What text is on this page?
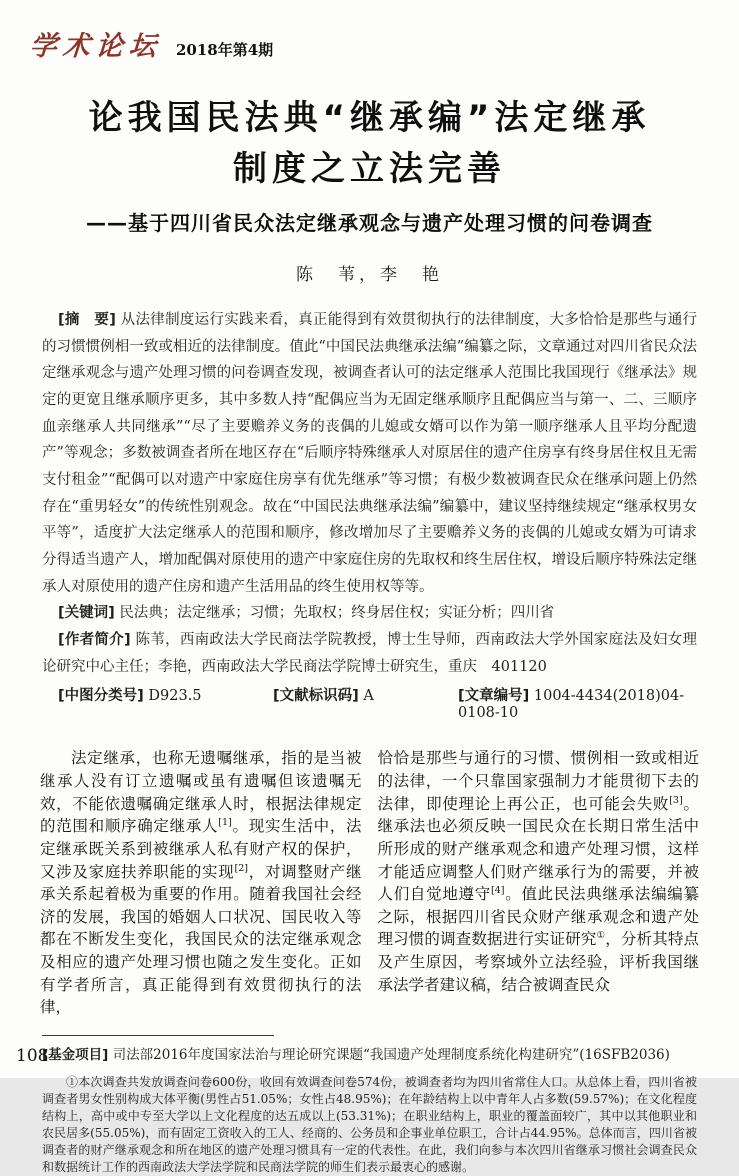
学术论坛 2018年第4期
论我国民法典“继承编”法定继承
制度之立法完善
——基于四川省民众法定继承观念与遗产处理习惯的问卷调查
陈　苇，李　艳

[摘　要] 从法律制度运行实践来看，真正能得到有效贯彻执行的法律制度，大多恰恰是那些与通行的习惯惯例相一致或相近的法律制度。值此“中国民法典继承法编”编纂之际，文章通过对四川省民众法定继承观念与遗产处理习惯的问卷调查发现，被调查者认可的法定继承人范围比我国现行《继承法》规定的更宽且继承顺序更多，其中多数人持“配偶应当为无固定继承顺序且配偶应当与第一、二、三顺序血亲继承人共同继承”“尽了主要赡养义务的丧偶的儿媳或女婿可以作为第一顺序继承人且平均分配遗产”等观念；多数被调查者所在地区存在“后顺序特殊继承人对原居住的遗产住房享有终身居住权且无需支付租金”“配偶可以对遗产中家庭住房享有优先继承”等习惯；有极少数被调查民众在继承问题上仍然存在“重男轻女”的传统性别观念。故在“中国民法典继承法编”编纂中，建议坚持继续规定“继承权男女平等”，适度扩大法定继承人的范围和顺序，修改增加尽了主要赡养义务的丧偶的儿媳或女婿为可请求分得适当遗产人，增加配偶对原使用的遗产中家庭住房的先取权和终生居住权，增设后顺序特殊法定继承人对原使用的遗产住房和遗产生活用品的终生使用权等等。

[关键词] 民法典；法定继承；习惯；先取权；终身居住权；实证分析；四川省

[作者简介] 陈苇，西南政法大学民商法学院教授，博士生导师，西南政法大学外国家庭法及妇女理论研究中心主任；李艳，西南政法大学民商法学院博士研究生，重庆　401120

[中图分类号] D923.5	[文献标识码] A	[文章编号] 1004-4434(2018)04-0108-10

法定继承，也称无遗嘱继承，指的是当被继承人没有订立遗嘱或虽有遗嘱但该遗嘱无效，不能依遗嘱确定继承人时，根据法律规定的范围和顺序确定继承人[1]。现实生活中，法定继承既关系到被继承人私有财产权的保护，又涉及家庭扶养职能的实现[2]，对调整财产继承关系起着极为重要的作用。随着我国社会经济的发展，我国的婚姻人口状况、国民收入等都在不断发生变化，我国民众的法定继承观念及相应的遗产处理习惯也随之发生变化。正如有学者所言，真正能得到有效贯彻执行的法律，

恰恰是那些与通行的习惯、惯例相一致或相近的法律，一个只靠国家强制力才能贯彻下去的法律，即使理论上再公正，也可能会失败[3]。继承法也必须反映一国民众在长期日常生活中所形成的财产继承观念和遗产处理习惯，这样才能适应调整人们财产继承行为的需要，并被人们自觉地遵守[4]。值此民法典继承法编编纂之际，根据四川省民众财产继承观念和遗产处理习惯的调查数据进行实证研究①，分析其特点及产生原因，考察域外立法经验，评析我国继承法学者建议稿，结合被调查民众

[基金项目] 司法部2016年度国家法治与理论研究课题“我国遗产处理制度系统化构建研究”(16SFB2036)

①本次调查共发放调查问卷600份，收回有效调查问卷574份，被调查者均为四川省常住人口。从总体上看，四川省被调查者男女性别构成大体平衡(男性占51.05%；女性占48.95%)；在年龄结构上以中青年人占多数(59.57%)；在文化程度结构上，高中或中专至大学以上文化程度的达五成以上(53.31%)；在职业结构上，职业的覆盖面较广，其中以其他职业和农民居多(55.05%)，而有固定工资收入的工人、经商的、公务员和企事业单位职工，合计占44.95%。总体而言，四川省被调查者的财产继承观念和所在地区的遗产处理习惯具有一定的代表性。在此，我们向参与本次四川省继承习惯社会调查民众和数据统计工作的西南政法大学法学院和民商法学院的师生们表示最衷心的感谢。

108
